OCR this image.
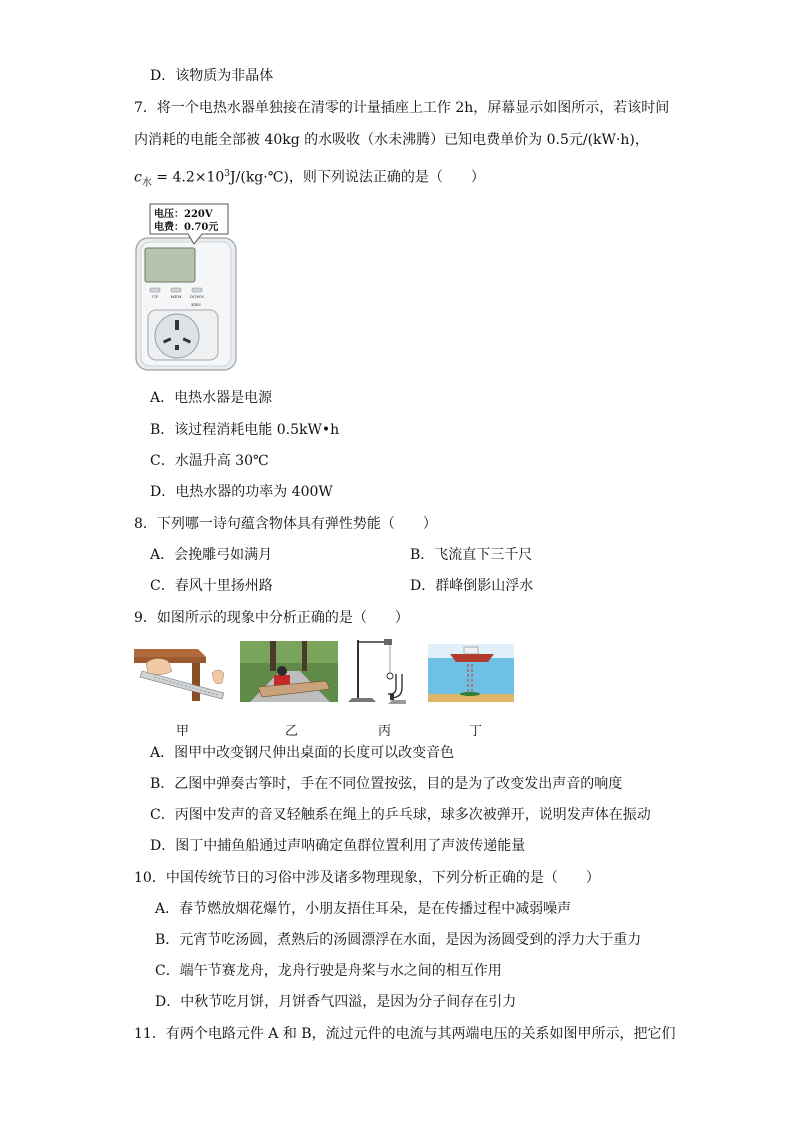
D．该物质为非晶体
7．将一个电热水器单独接在清零的计量插座上工作 2h，屏幕显示如图所示，若该时间
内消耗的电能全部被 40kg 的水吸收（水未沸腾）已知电费单价为 0.5元/(kW·h)，
$c_水$ = $4.2\times 10^3J/(kg\cdot℃)$，则下列说法正确的是（　　）
UP	MEM DOWN
KBN
电压：220V
电费：0.70元
A．电热水器是电源
B．该过程消耗电能 0.5kW•h
C．水温升高 30℃
D．电热水器的功率为 400W
8．下列哪一诗句蕴含物体具有弹性势能（　　）
A．会挽雕弓如满月	B．飞流直下三千尺
C．春风十里扬州路	D．群峰倒影山浮水
9．如图所示的现象中分析正确的是（　　）
甲	乙	丙	丁
A．图甲中改变钢尺伸出桌面的长度可以改变音色
B．乙图中弹奏古筝时，手在不同位置按弦，目的是为了改变发出声音的响度
C．丙图中发声的音叉轻触系在绳上的乒乓球，球多次被弹开，说明发声体在振动
D．图丁中捕鱼船通过声呐确定鱼群位置利用了声波传递能量
10．中国传统节日的习俗中涉及诸多物理现象，下列分析正确的是（　　）
A．春节燃放烟花爆竹，小朋友捂住耳朵，是在传播过程中减弱噪声
B．元宵节吃汤圆，煮熟后的汤圆漂浮在水面，是因为汤圆受到的浮力大于重力
C．端午节赛龙舟，龙舟行驶是舟桨与水之间的相互作用
D．中秋节吃月饼，月饼香气四溢，是因为分子间存在引力
11．有两个电路元件 A 和 B，流过元件的电流与其两端电压的关系如图甲所示，把它们
